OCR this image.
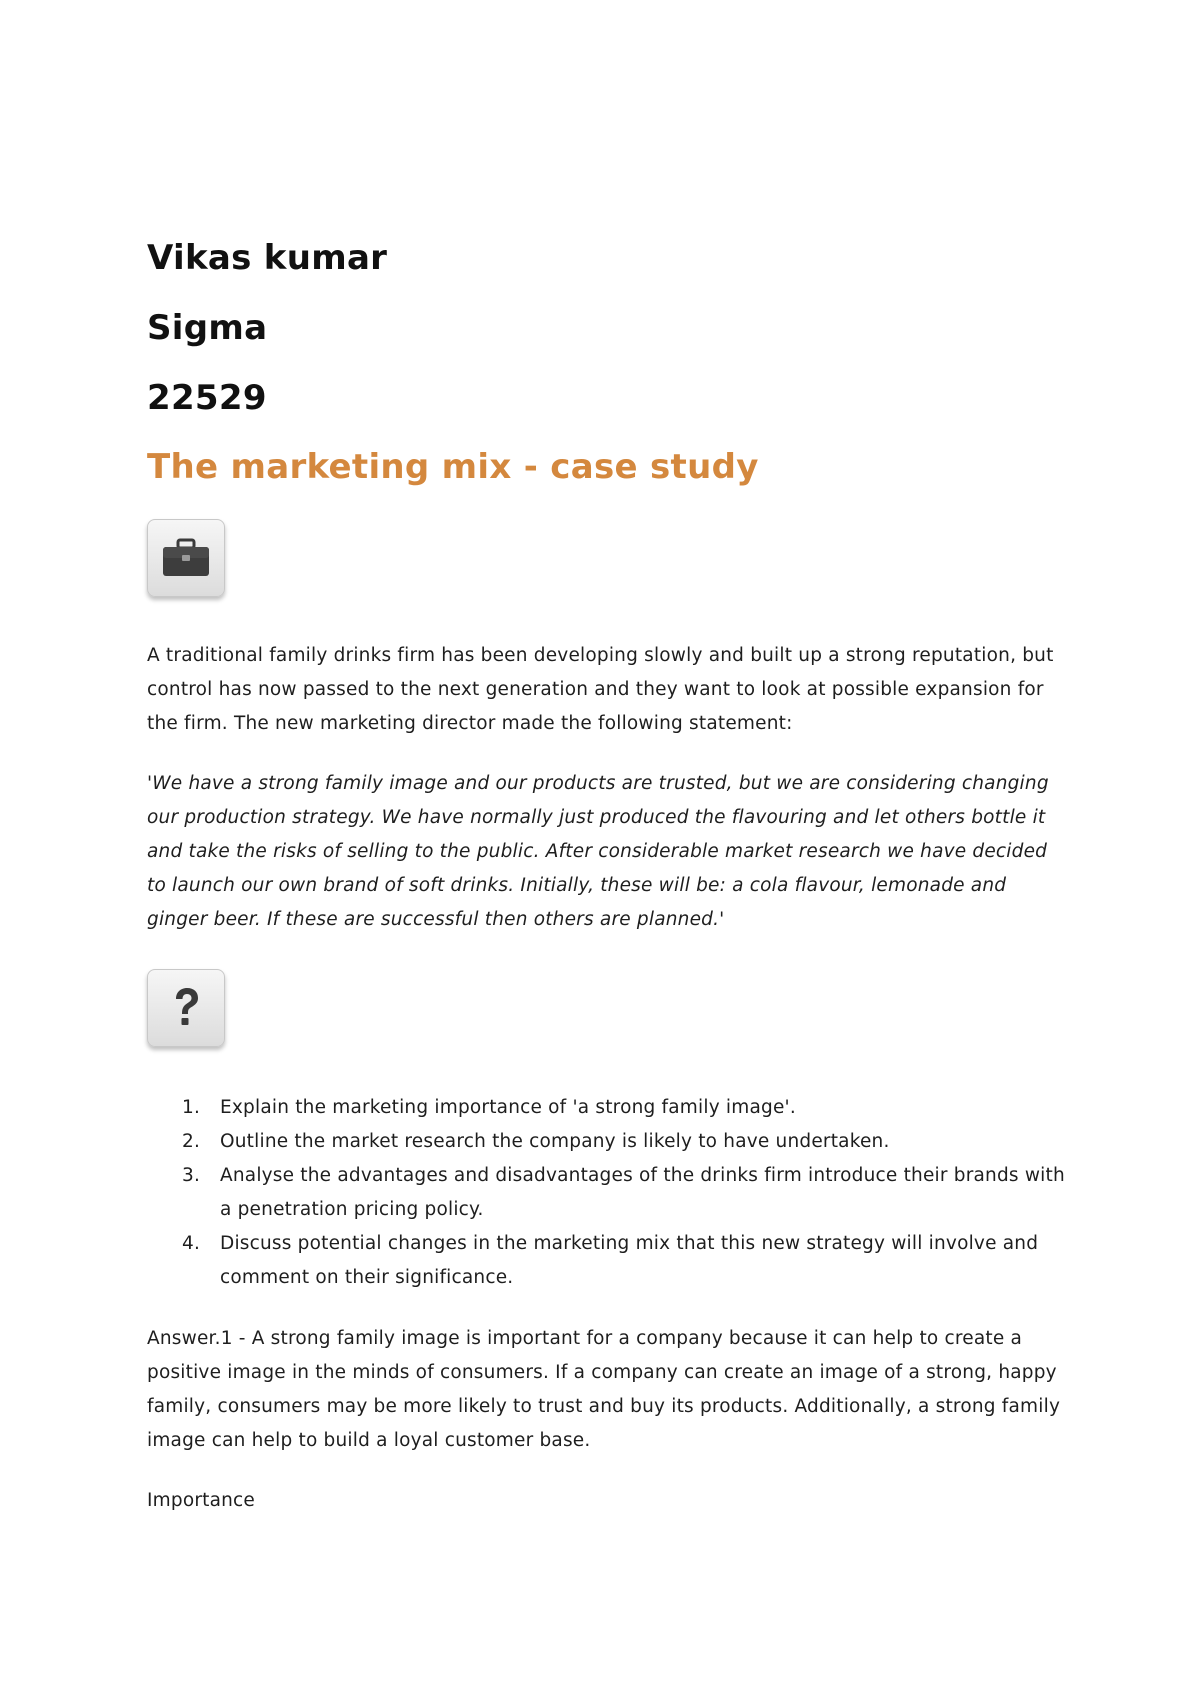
Vikas kumar
Sigma
22529
The marketing mix - case study

A traditional family drinks firm has been developing slowly and built up a strong reputation, but control has now passed to the next generation and they want to look at possible expansion for the firm. The new marketing director made the following statement:

'We have a strong family image and our products are trusted, but we are considering changing our production strategy. We have normally just produced the flavouring and let others bottle it and take the risks of selling to the public. After considerable market research we have decided to launch our own brand of soft drinks. Initially, these will be: a cola flavour, lemonade and ginger beer. If these are successful then others are planned.'

1. Explain the marketing importance of 'a strong family image'.
2. Outline the market research the company is likely to have undertaken.
3. Analyse the advantages and disadvantages of the drinks firm introduce their brands with a penetration pricing policy.
4. Discuss potential changes in the marketing mix that this new strategy will involve and comment on their significance.

Answer.1 - A strong family image is important for a company because it can help to create a positive image in the minds of consumers. If a company can create an image of a strong, happy family, consumers may be more likely to trust and buy its products. Additionally, a strong family image can help to build a loyal customer base.

Importance
